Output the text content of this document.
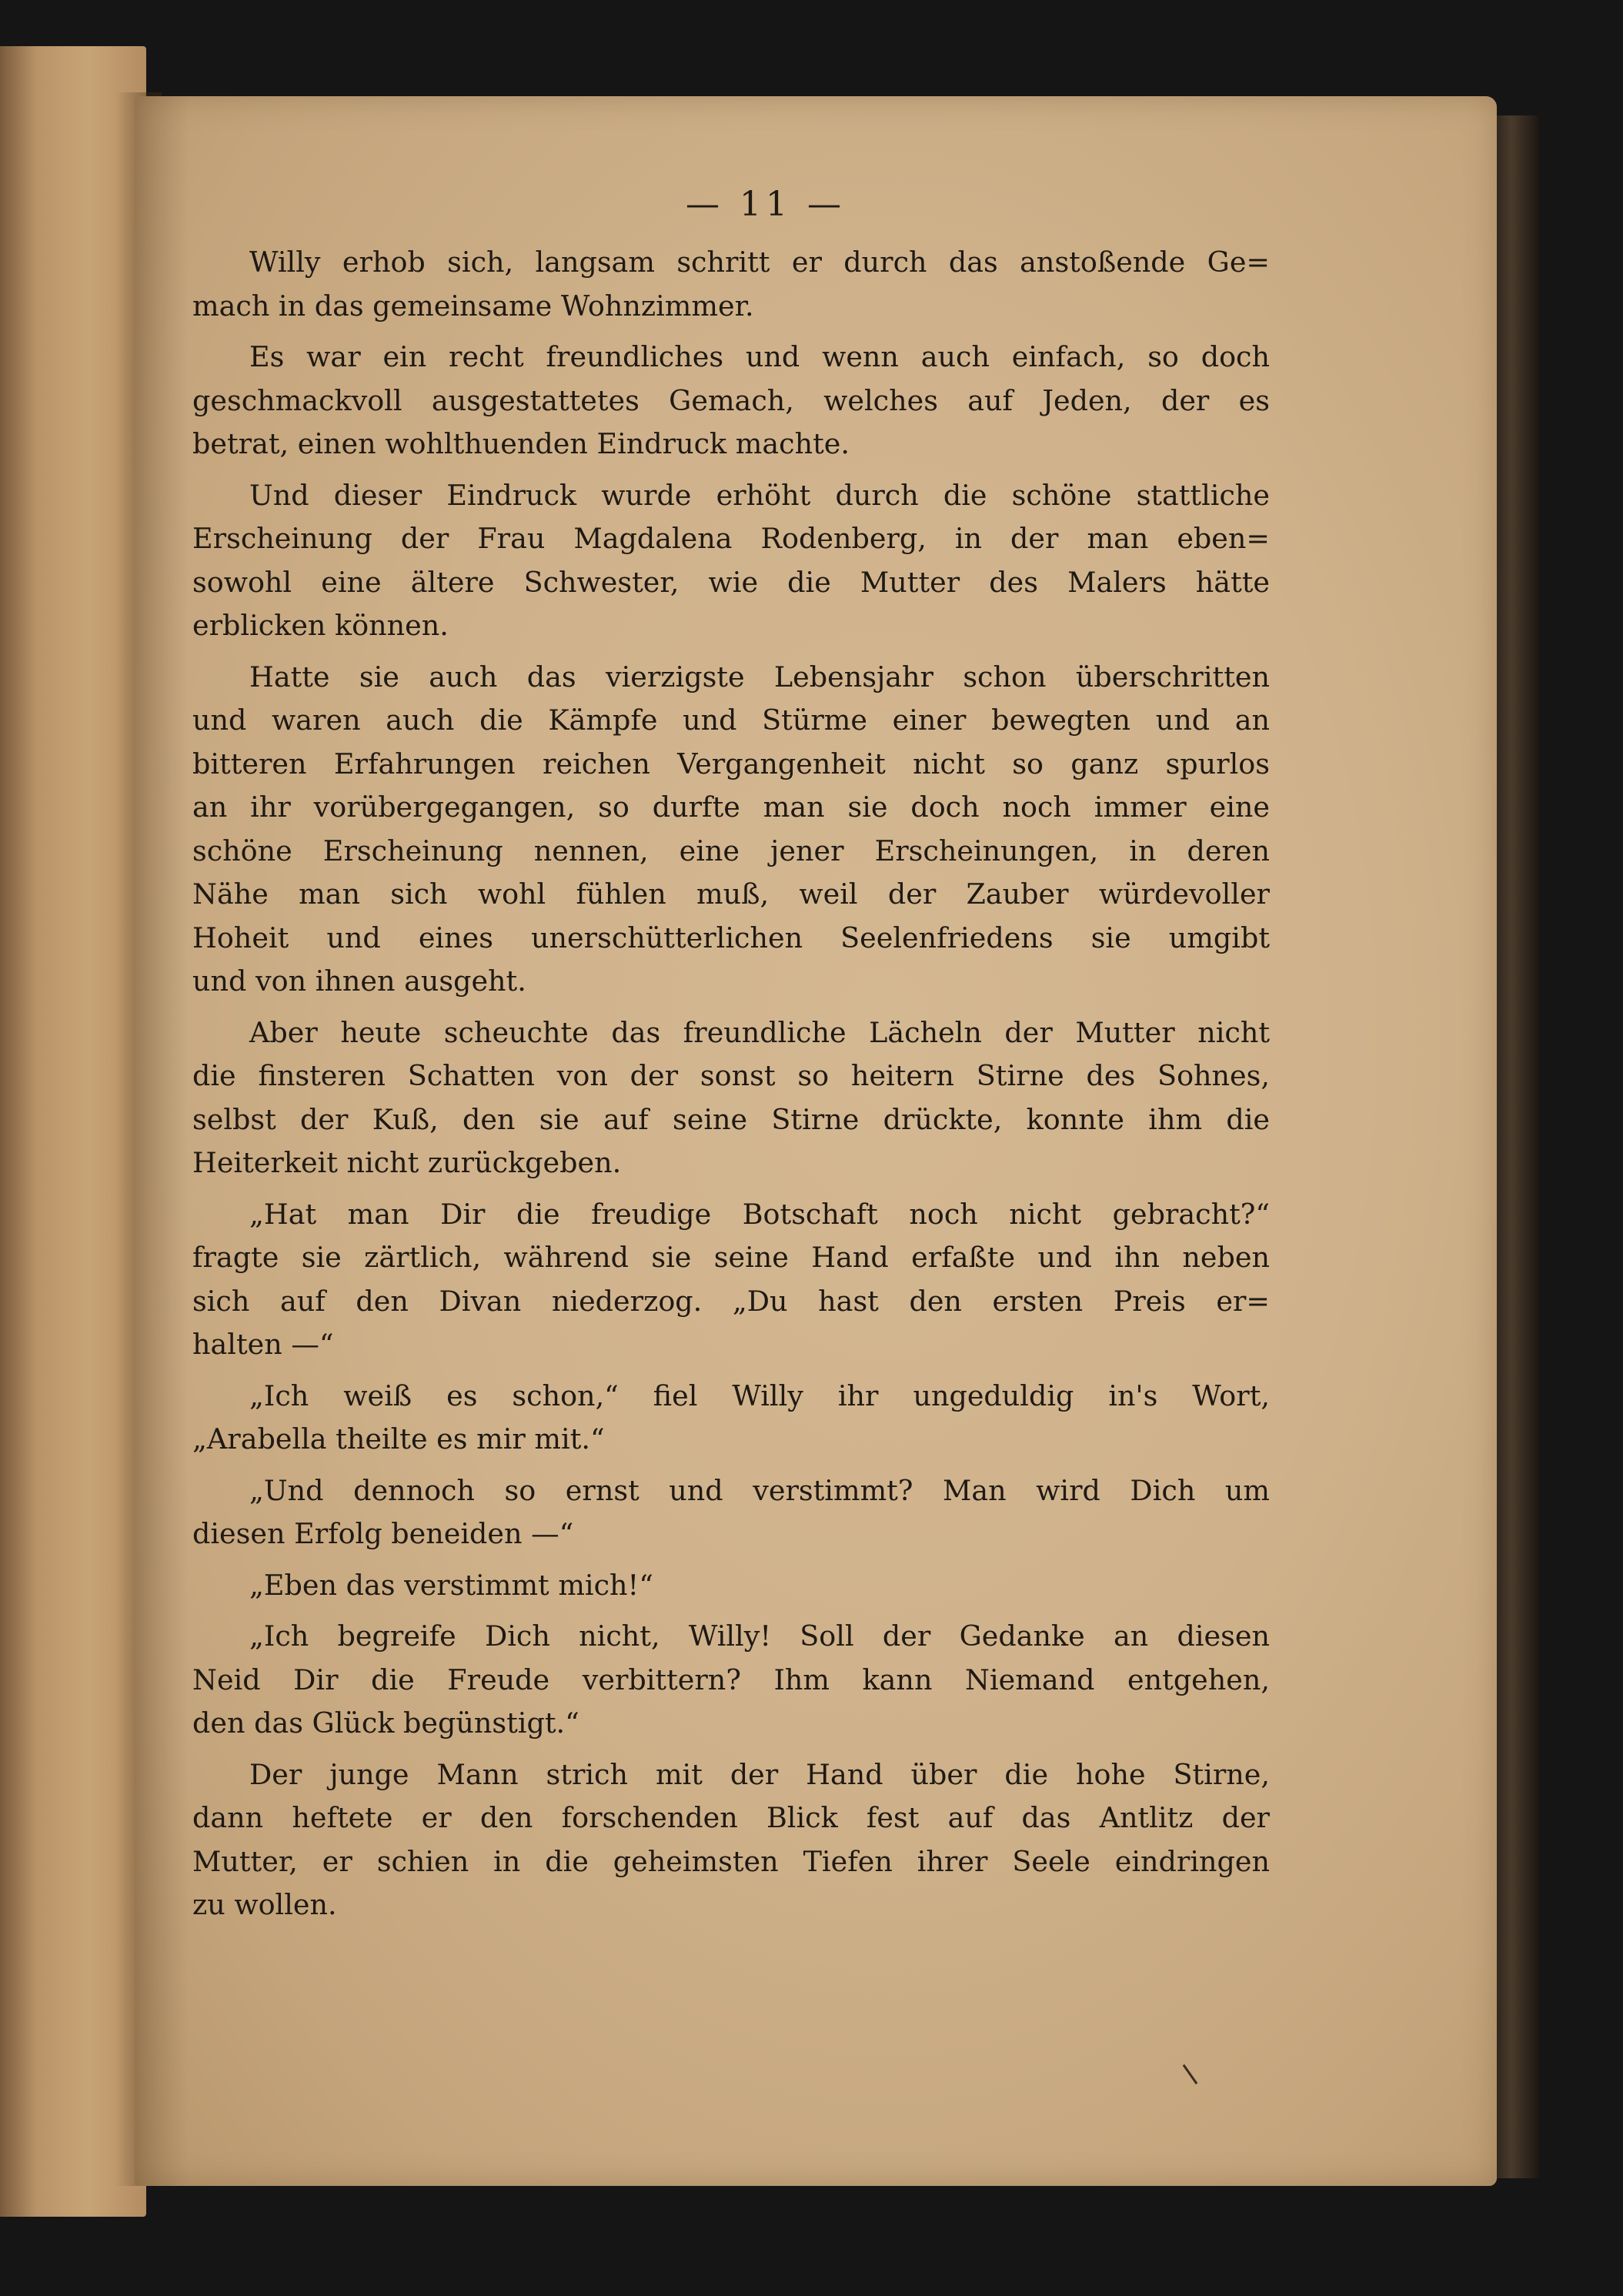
— 11 —
Willy erhob sich, langsam schritt er durch das anstoßende Ge=
mach in das gemeinsame Wohnzimmer.
Es war ein recht freundliches und wenn auch einfach, so doch
geschmackvoll ausgestattetes Gemach, welches auf Jeden, der es
betrat, einen wohlthuenden Eindruck machte.
Und dieser Eindruck wurde erhöht durch die schöne stattliche
Erscheinung der Frau Magdalena Rodenberg, in der man eben=
sowohl eine ältere Schwester, wie die Mutter des Malers hätte
erblicken können.
Hatte sie auch das vierzigste Lebensjahr schon überschritten
und waren auch die Kämpfe und Stürme einer bewegten und an
bitteren Erfahrungen reichen Vergangenheit nicht so ganz spurlos
an ihr vorübergegangen, so durfte man sie doch noch immer eine
schöne Erscheinung nennen, eine jener Erscheinungen, in deren
Nähe man sich wohl fühlen muß, weil der Zauber würdevoller
Hoheit und eines unerschütterlichen Seelenfriedens sie umgibt
und von ihnen ausgeht.
Aber heute scheuchte das freundliche Lächeln der Mutter nicht
die finsteren Schatten von der sonst so heitern Stirne des Sohnes,
selbst der Kuß, den sie auf seine Stirne drückte, konnte ihm die
Heiterkeit nicht zurückgeben.
„Hat man Dir die freudige Botschaft noch nicht gebracht?“
fragte sie zärtlich, während sie seine Hand erfaßte und ihn neben
sich auf den Divan niederzog. „Du hast den ersten Preis er=
halten —“
„Ich weiß es schon,“ fiel Willy ihr ungeduldig in's Wort,
„Arabella theilte es mir mit.“
„Und dennoch so ernst und verstimmt? Man wird Dich um
diesen Erfolg beneiden —“
„Eben das verstimmt mich!“
„Ich begreife Dich nicht, Willy! Soll der Gedanke an diesen
Neid Dir die Freude verbittern? Ihm kann Niemand entgehen,
den das Glück begünstigt.“
Der junge Mann strich mit der Hand über die hohe Stirne,
dann heftete er den forschenden Blick fest auf das Antlitz der
Mutter, er schien in die geheimsten Tiefen ihrer Seele eindringen
zu wollen.
